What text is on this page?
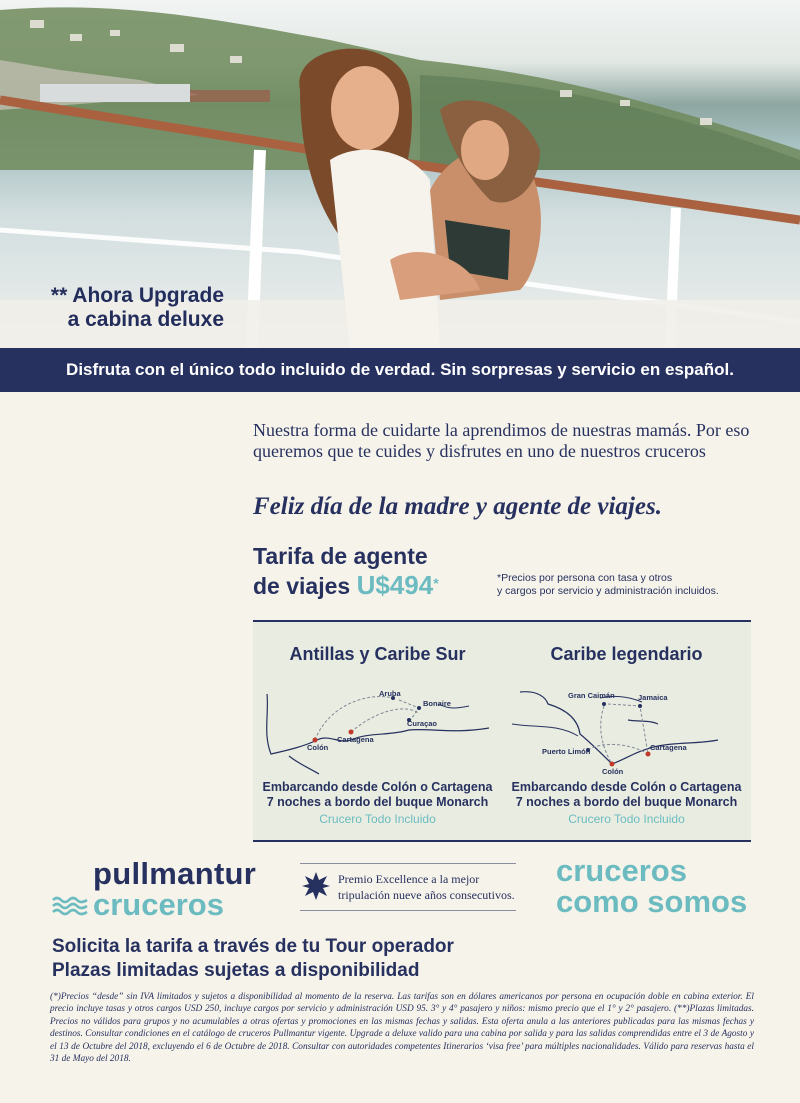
** Ahora Upgrade
a cabina deluxe
Disfruta con el único todo incluido de verdad. Sin sorpresas y servicio en español.

Nuestra forma de cuidarte la aprendimos de nuestras mamás. Por eso queremos que te cuides y disfrutes en uno de nuestros cruceros

Feliz día de la madre y agente de viajes.

Tarifa de agente
de viajes U$494*	*Precios por persona con tasa y otros
y cargos por servicio y administración incluidos.
Antillas y Caribe Sur
Aruba
Bonaire
Curaçao
Cartagena
Colón
Embarcando desde Colón o Cartagena
7 noches a bordo del buque Monarch
Crucero Todo Incluido
Caribe legendario
Gran Caimán	Jamaica
Puerto Limón	Cartagena
Colón
Embarcando desde Colón o Cartagena
7 noches a bordo del buque Monarch
Crucero Todo Incluido
pullmantur
cruceros
Premio Excellence a la mejor
tripulación nueve años consecutivos.
cruceros
como somos
Solicita la tarifa a través de tu Tour operador
Plazas limitadas sujetas a disponibilidad
(*)Precios “desde” sin IVA limitados y sujetos a disponibilidad al momento de la reserva. Las tarifas son en dólares americanos por persona en ocupación doble en cabina exterior. El precio incluye tasas y otros cargos USD 250, incluye cargos por servicio y administración USD 95. 3° y 4° pasajero y niños: mismo precio que el 1° y 2° pasajero. (**)Plazas limitadas. Precios no válidos para grupos y no acumulables a otras ofertas y promociones en las mismas fechas y salidas. Esta oferta anula a las anteriores publicadas para las mismas fechas y destinos. Consultar condiciones en el catálogo de cruceros Pullmantur vigente. Upgrade a deluxe valido para una cabina por salida y para las salidas comprendidas entre el 3 de Agosto y el 13 de Octubre del 2018, excluyendo el 6 de Octubre de 2018. Consultar con autoridades competentes Itinerarios ‘visa free’ para múltiples nacionalidades. Válido para reservas hasta el 31 de Mayo del 2018.
